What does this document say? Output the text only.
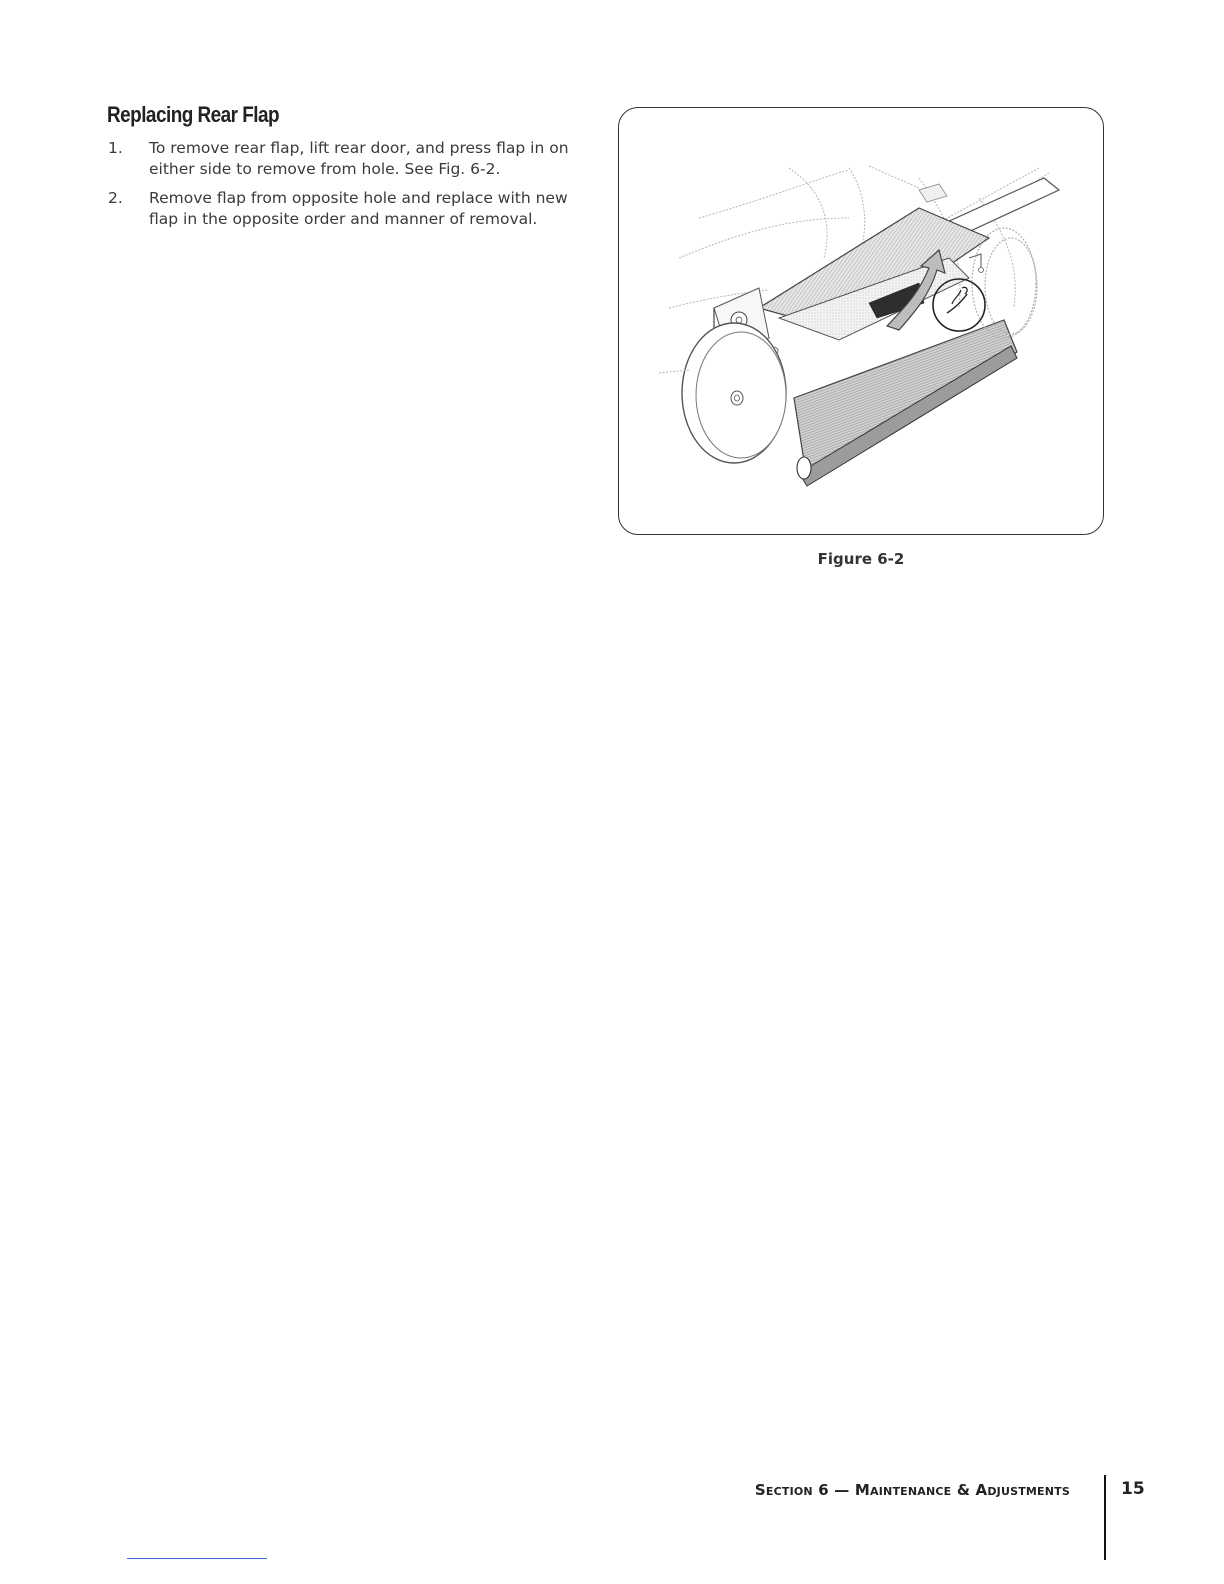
Replacing Rear Flap
1. To remove rear flap, lift rear door, and press flap in on either side to remove from hole. See Fig. 6-2.
2. Remove flap from opposite hole and replace with new flap in the opposite order and manner of removal.
Figure 6-2
Section 6 — Maintenance & Adjustments	15
